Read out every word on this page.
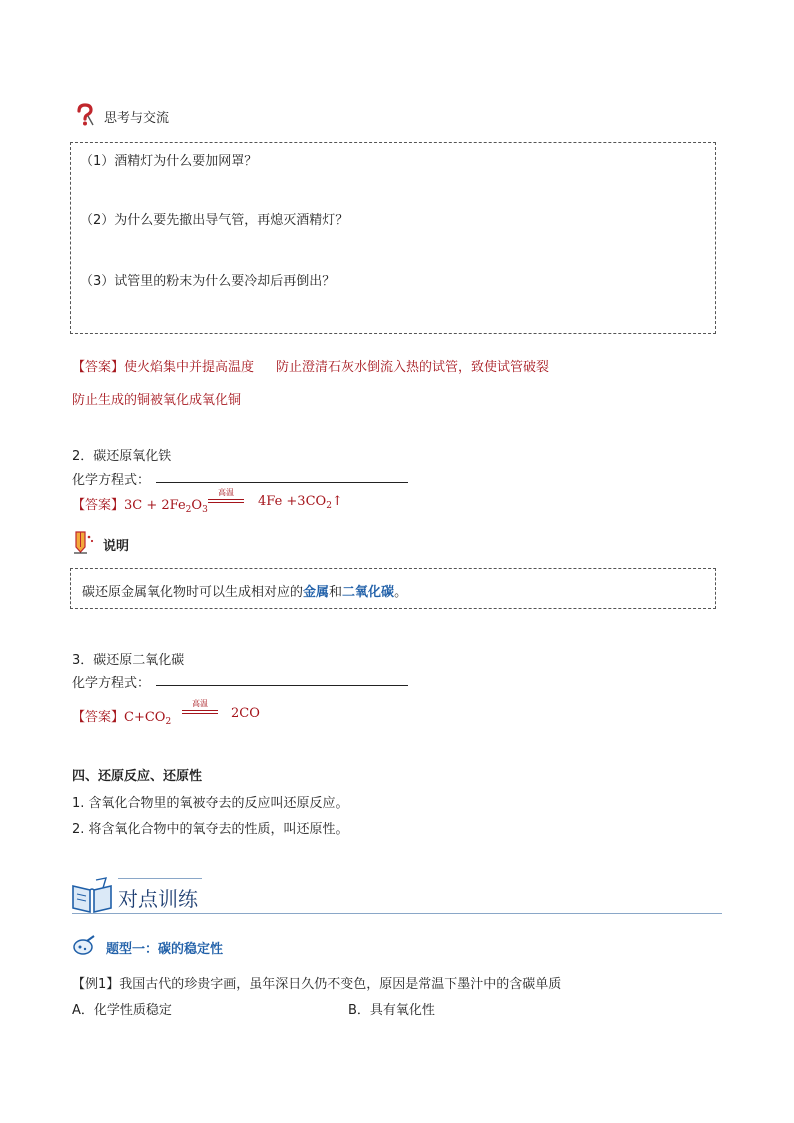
思考与交流
（1）酒精灯为什么要加网罩？
（2）为什么要先撤出导气管，再熄灭酒精灯？
（3）试管里的粉末为什么要冷却后再倒出？
【答案】使火焰集中并提高温度 防止澄清石灰水倒流入热的试管，致使试管破裂
防止生成的铜被氧化成氧化铜
2．碳还原氧化铁
化学方程式：
【答案】$3C + 2Fe_2O_3$
高温
$4Fe +3CO_2↑$
说明
碳还原金属氧化物时可以生成相对应的金属和二氧化碳。
3．碳还原二氧化碳
化学方程式：
【答案】$C+CO_2$
高温
2CO
四、还原反应、还原性
1. 含氧化合物里的氧被夺去的反应叫还原反应。
2. 将含氧化合物中的氧夺去的性质，叫还原性。
对点训练
题型一：碳的稳定性
【例1】我国古代的珍贵字画，虽年深日久仍不变色，原因是常温下墨汁中的含碳单质
A．化学性质稳定	B．具有氧化性
